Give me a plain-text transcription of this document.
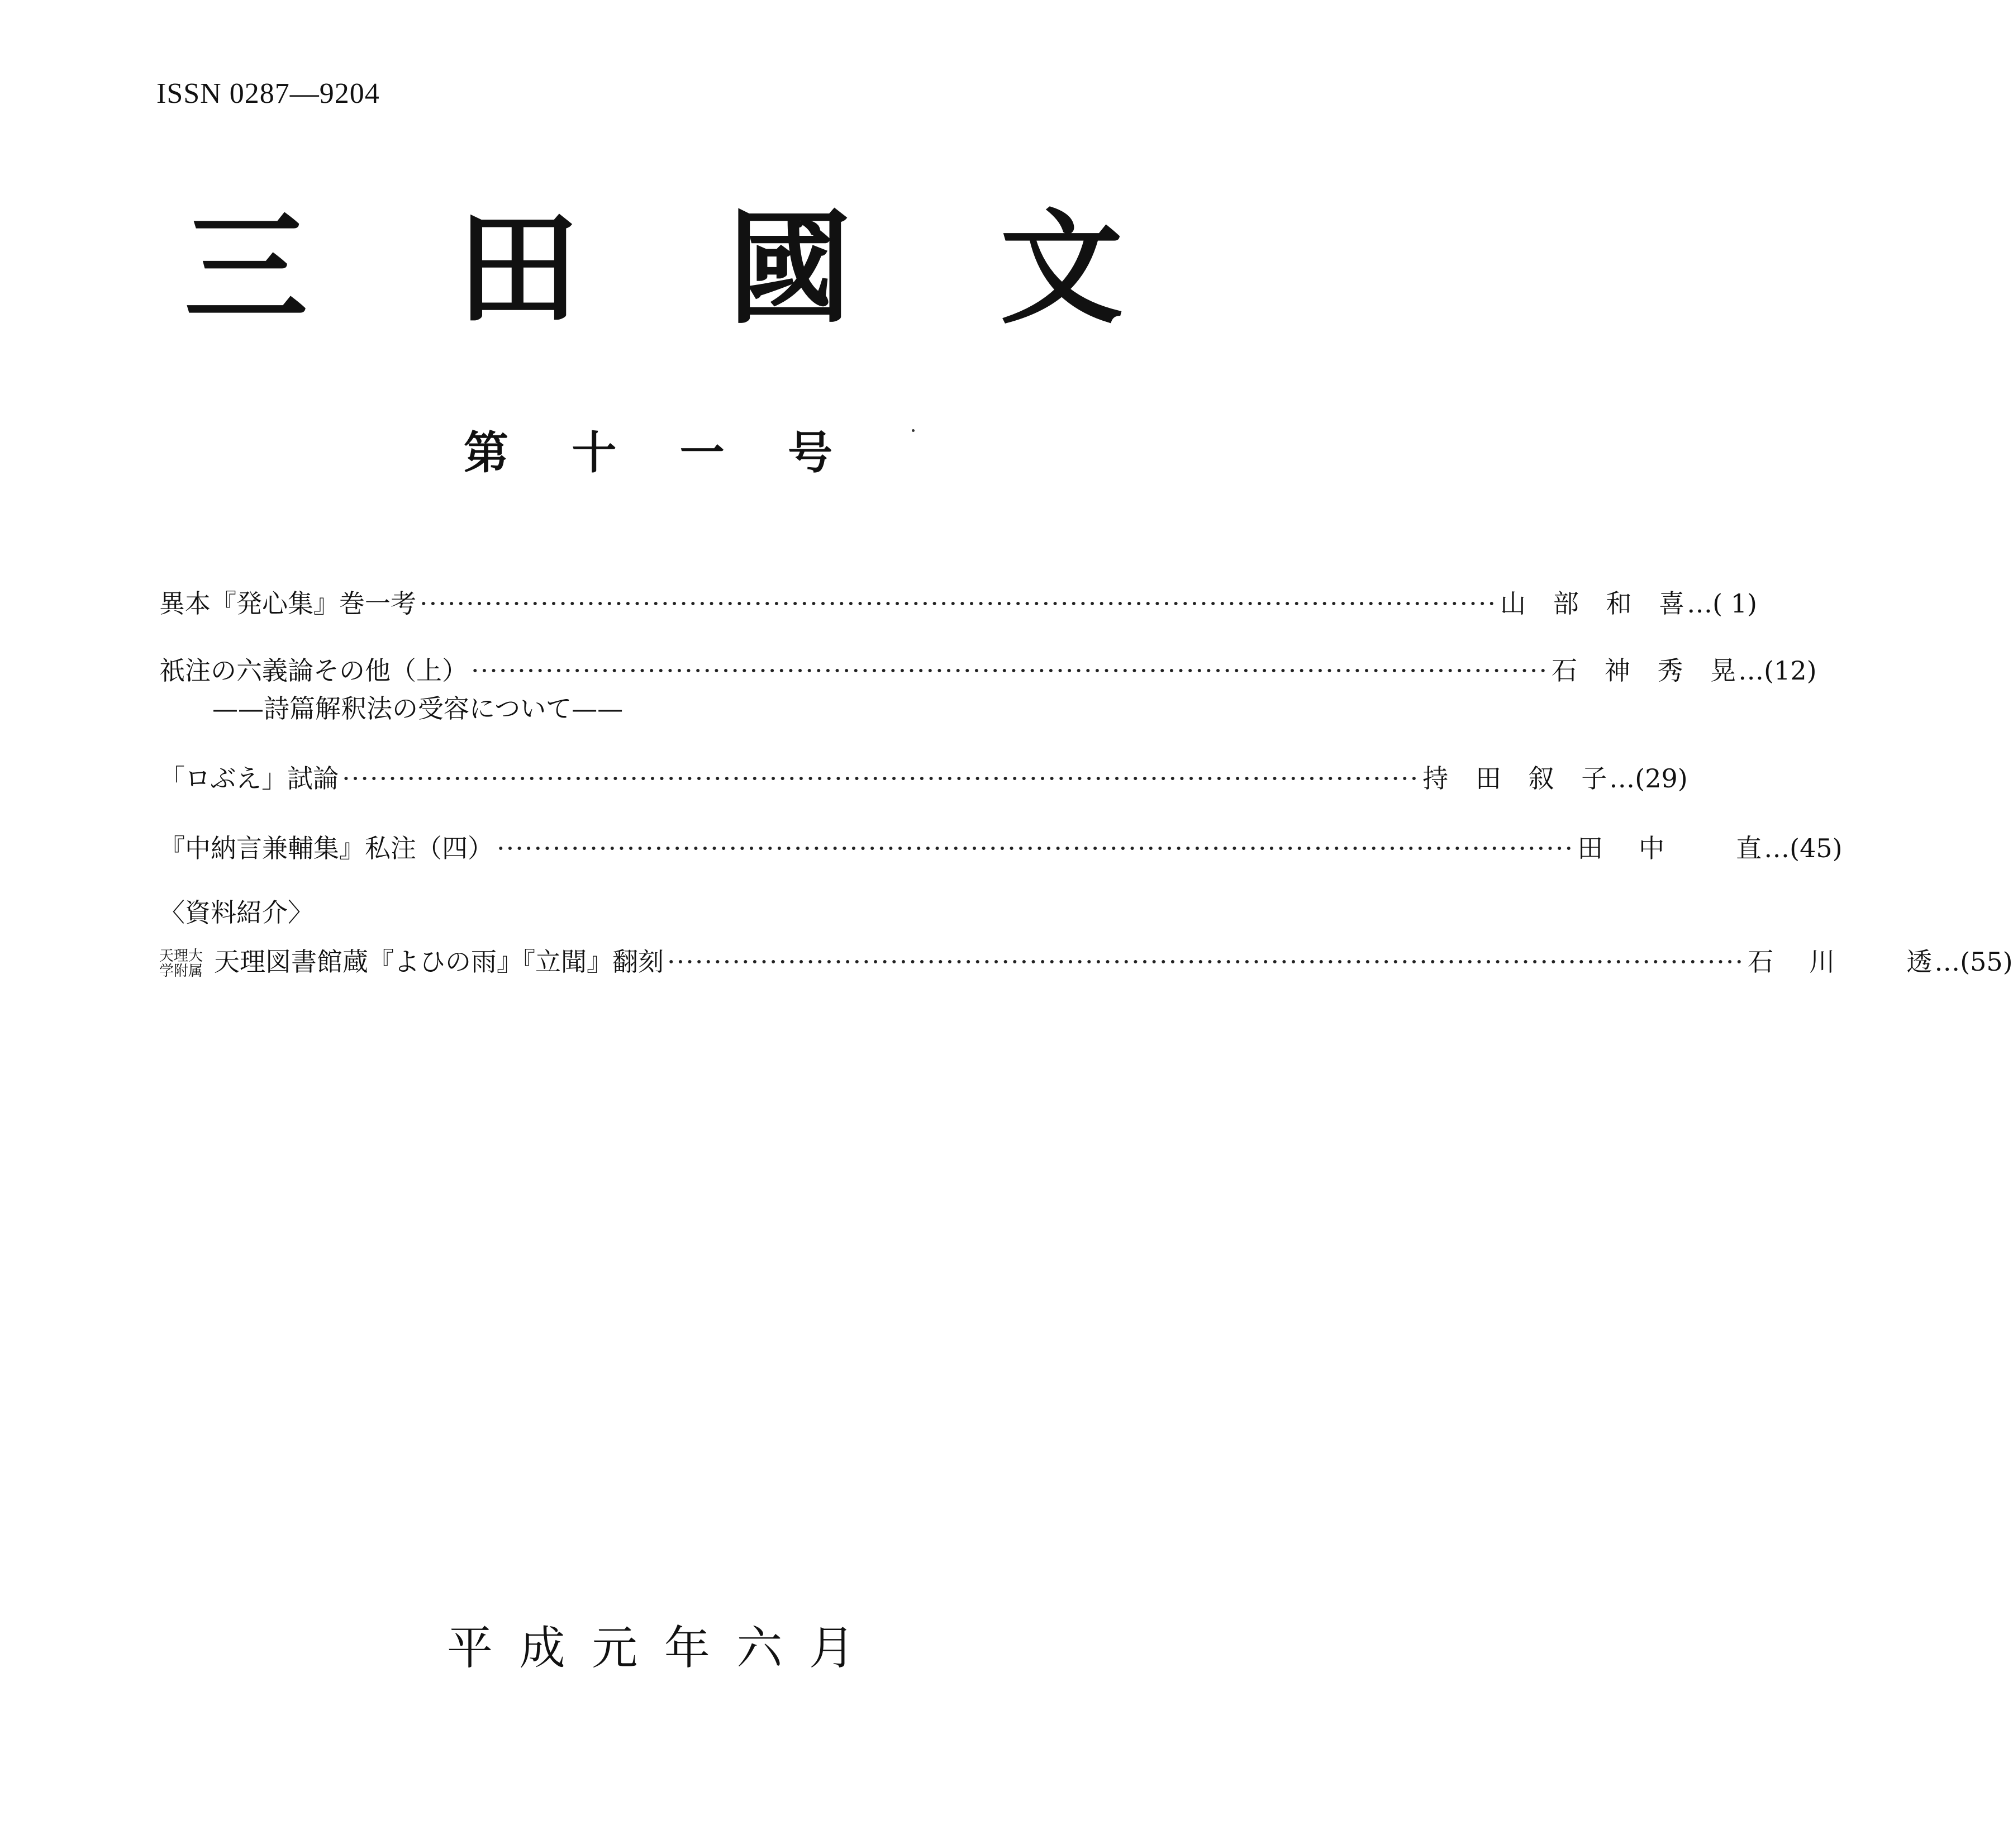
ISSN 0287—9204
三 田 國 文
第 十 一 号
異本『発心集』巻一考 ···················································································································· 山 部 和 喜 …( 1)
祇注の六義論その他（上） ···················································································································· 石 神 秀 晃 …(12)
——詩篇解釈法の受容について——
「ロぶえ」試論 ···················································································································· 持 田 叙 子 …(29)
『中納言兼輔集』私注（四） ···················································································································· 田 中	直 …(45)
〈資料紹介〉
天理大
学附属 天理図書館蔵『よひの雨』『立聞』翻刻 ···················································································································· 石 川	透 …(55)
平 成 元 年 六 月
